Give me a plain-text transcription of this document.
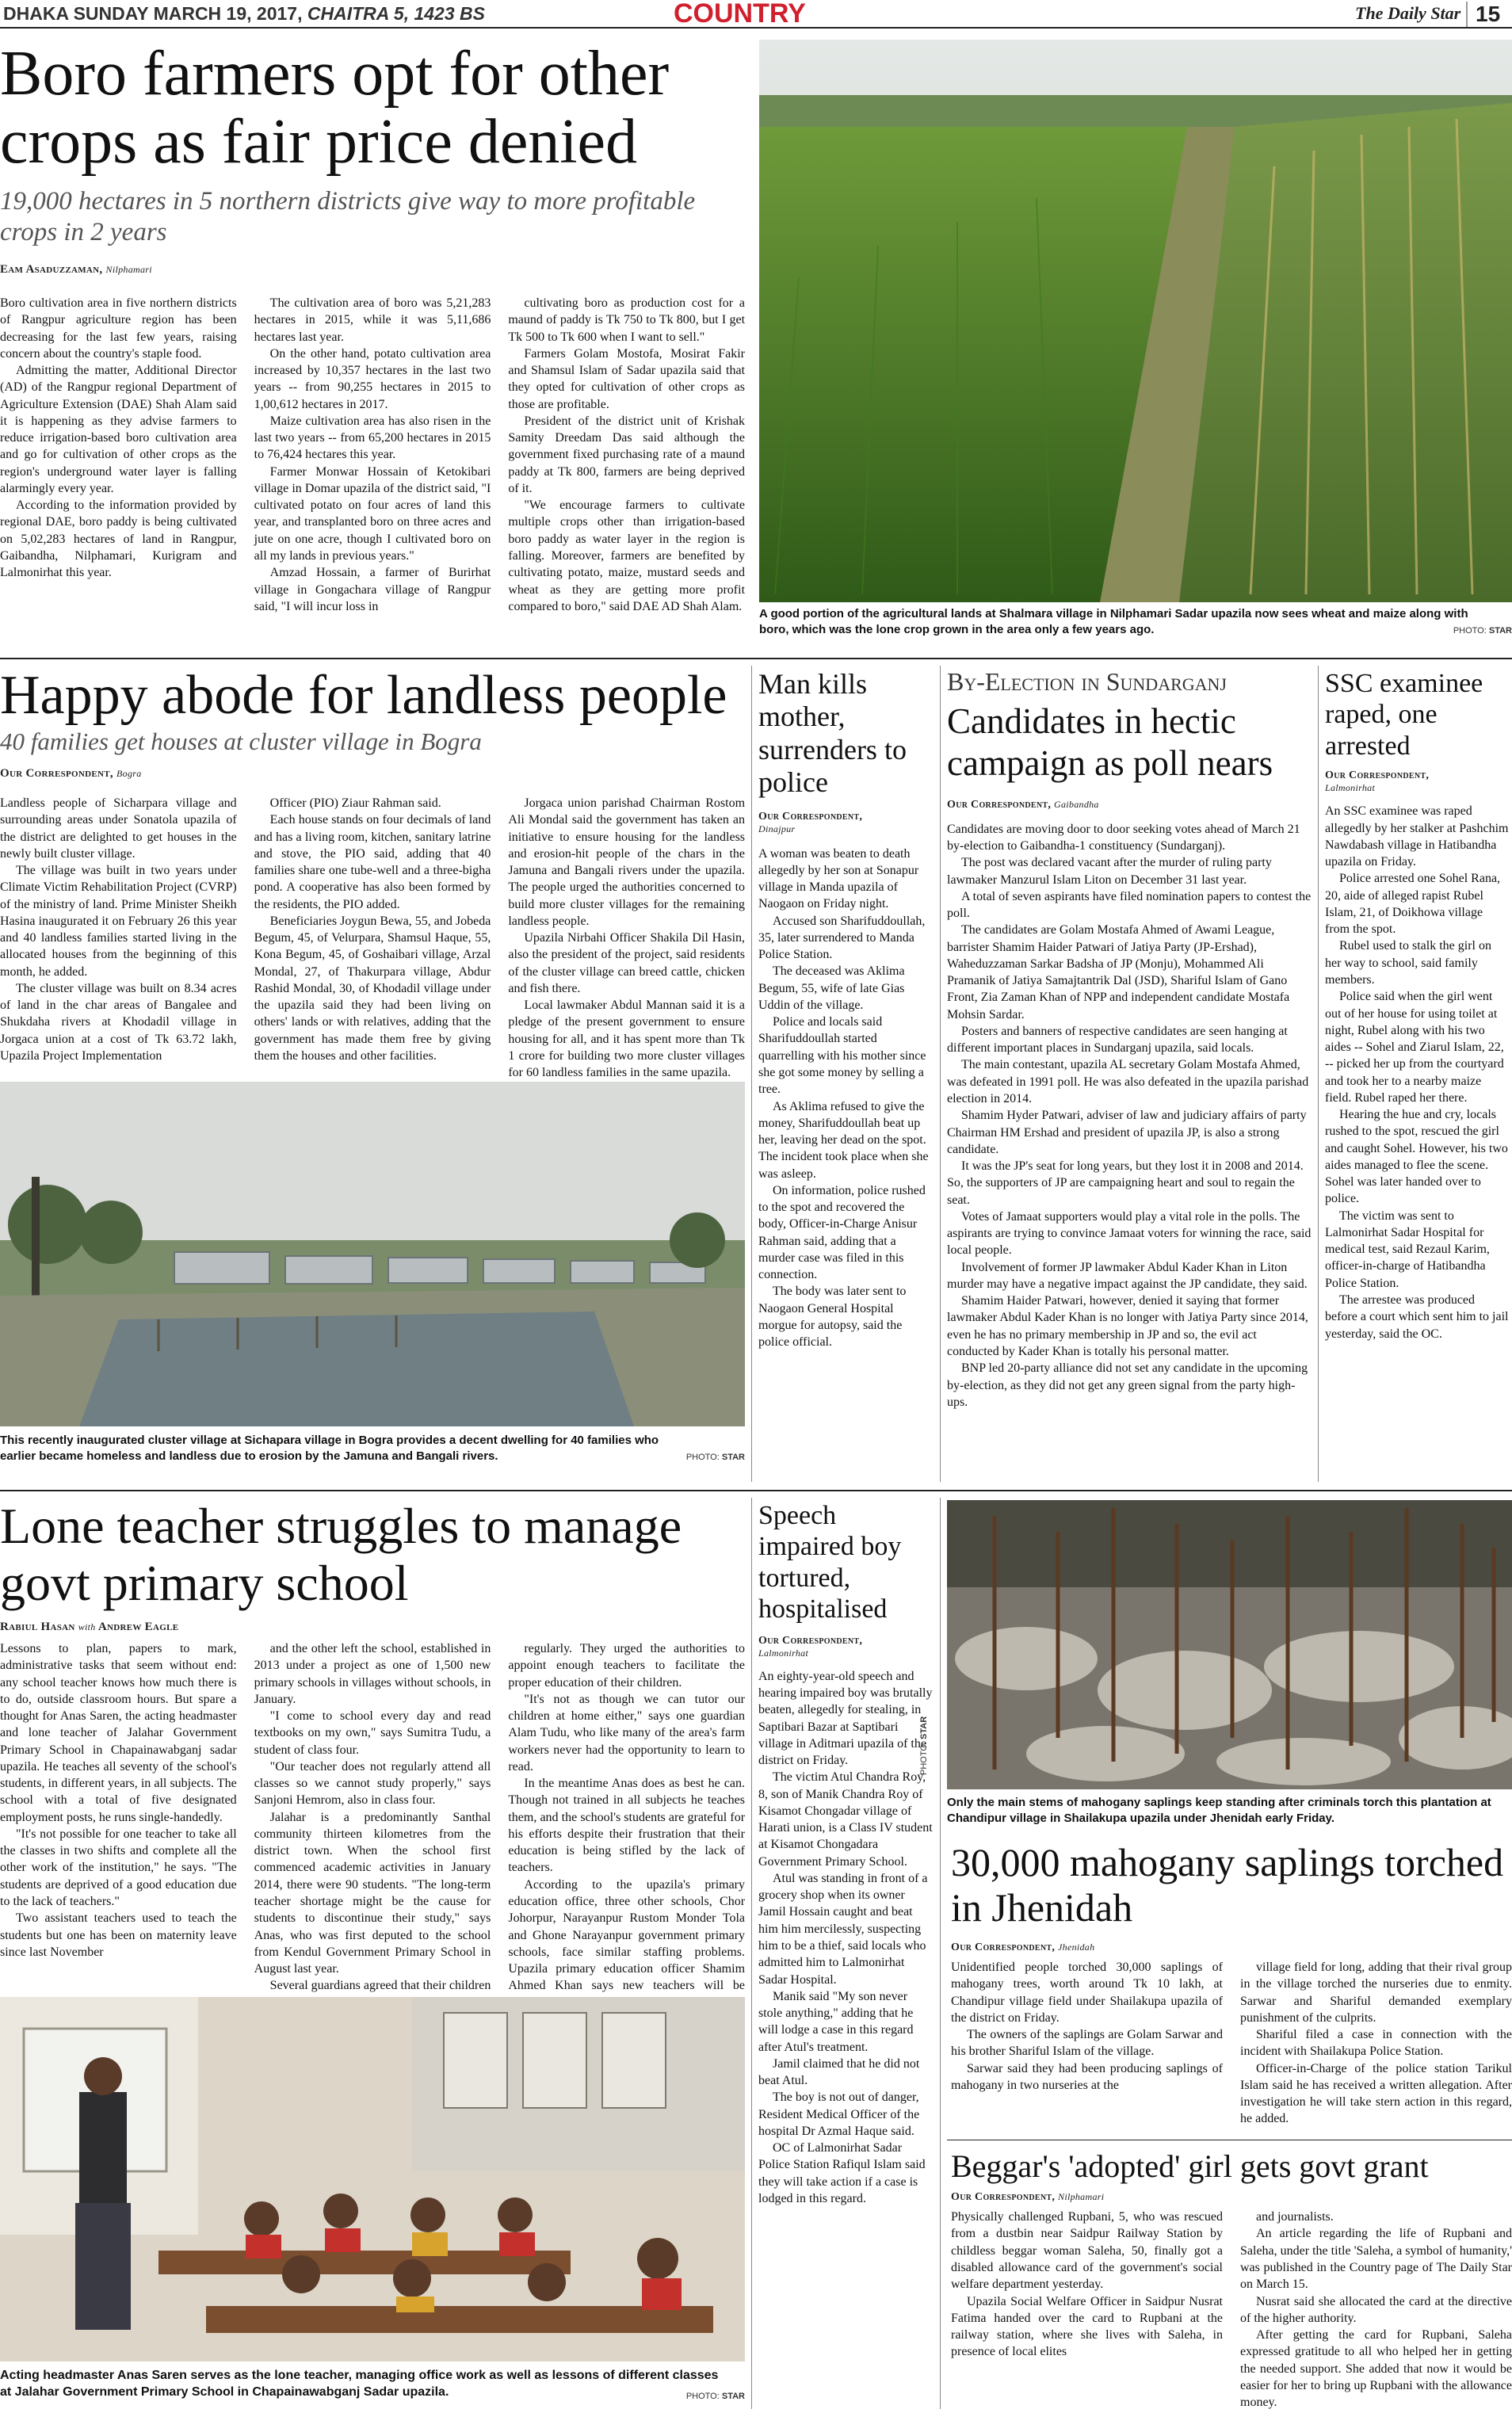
DHAKA SUNDAY MARCH 19, 2017, CHAITRA 5, 1423 BS	COUNTRY	The Daily Star 15
Boro farmers opt for other crops as fair price denied
19,000 hectares in 5 northern districts give way to more profitable crops in 2 years
Eam Asaduzzaman, Nilphamari

Boro cultivation area in five northern districts of Rangpur agriculture region has been decreasing for the last few years, raising concern about the country's staple food.

Admitting the matter, Additional Director (AD) of the Rangpur regional Department of Agriculture Extension (DAE) Shah Alam said it is happening as they advise farmers to reduce irrigation-based boro cultivation area and go for cultivation of other crops as the region's underground water layer is falling alarmingly every year.

According to the information provided by regional DAE, boro paddy is being cultivated on 5,02,283 hectares of land in Rangpur, Gaibandha, Nilphamari, Kurigram and Lalmonirhat this year.

The cultivation area of boro was 5,21,283 hectares in 2015, while it was 5,11,686 hectares last year.

On the other hand, potato cultivation area increased by 10,357 hectares in the last two years -- from 90,255 hectares in 2015 to 1,00,612 hectares in 2017.

Maize cultivation area has also risen in the last two years -- from 65,200 hectares in 2015 to 76,424 hectares this year.

Farmer Monwar Hossain of Ketokibari village in Domar upazila of the district said, "I cultivated potato on four acres of land this year, and transplanted boro on three acres and jute on one acre, though I cultivated boro on all my lands in previous years."

Amzad Hossain, a farmer of Burirhat village in Gongachara village of Rangpur said, "I will incur loss in

cultivating boro as production cost for a maund of paddy is Tk 750 to Tk 800, but I get Tk 500 to Tk 600 when I want to sell."

Farmers Golam Mostofa, Mosirat Fakir and Shamsul Islam of Sadar upazila said that they opted for cultivation of other crops as those are profitable.

President of the district unit of Krishak Samity Dreedam Das said although the government fixed purchasing rate of a maund paddy at Tk 800, farmers are being deprived of it.

"We encourage farmers to cultivate multiple crops other than irrigation-based boro paddy as water layer in the region is falling. Moreover, farmers are benefited by cultivating potato, maize, mustard seeds and wheat as they are getting more profit compared to boro," said DAE AD Shah Alam.

A good portion of the agricultural lands at Shalmara village in Nilphamari Sadar upazila now sees wheat and maize along with boro, which was the lone crop grown in the area only a few years ago.	PHOTO: STAR
Happy abode for landless people
40 families get houses at cluster village in Bogra
Our Correspondent, Bogra

Landless people of Sicharpara village and surrounding areas under Sonatola upazila of the district are delighted to get houses in the newly built cluster village.

The village was built in two years under Climate Victim Rehabilitation Project (CVRP) of the ministry of land. Prime Minister Sheikh Hasina inaugurated it on February 26 this year and 40 landless families started living in the allocated houses from the beginning of this month, he added.

The cluster village was built on 8.34 acres of land in the char areas of Bangalee and Shukdaha rivers at Khodadil village in Jorgaca union at a cost of Tk 63.72 lakh, Upazila Project Implementation

Officer (PIO) Ziaur Rahman said.

Each house stands on four decimals of land and has a living room, kitchen, sanitary latrine and stove, the PIO said, adding that 40 families share one tube-well and a three-bigha pond. A cooperative has also been formed by the residents, the PIO added.

Beneficiaries Joygun Bewa, 55, and Jobeda Begum, 45, of Velurpara, Shamsul Haque, 55, Kona Begum, 45, of Goshaibari village, Arzal Mondal, 27, of Thakurpara village, Abdur Rashid Mondal, 30, of Khodadil village under the upazila said they had been living on others' lands or with relatives, adding that the government has made them free by giving them the houses and other facilities.

Jorgaca union parishad Chairman Rostom Ali Mondal said the government has taken an initiative to ensure housing for the landless and erosion-hit people of the chars in the Jamuna and Bangali rivers under the upazila. The people urged the authorities concerned to build more cluster villages for the remaining landless people.

Upazila Nirbahi Officer Shakila Dil Hasin, also the president of the project, said residents of the cluster village can breed cattle, chicken and fish there.

Local lawmaker Abdul Mannan said it is a pledge of the present government to ensure housing for all, and it has spent more than Tk 1 crore for building two more cluster villages for 60 landless families in the same upazila.

This recently inaugurated cluster village at Sichapara village in Bogra provides a decent dwelling for 40 families who earlier became homeless and landless due to erosion by the Jamuna and Bangali rivers.	PHOTO: STAR
Man kills mother, surrenders to police
Our Correspondent,
Dinajpur

A woman was beaten to death allegedly by her son at Sonapur village in Manda upazila of Naogaon on Friday night.

Accused son Sharifuddoullah, 35, later surrendered to Manda Police Station.

The deceased was Aklima Begum, 55, wife of late Gias Uddin of the village.

Police and locals said Sharifuddoullah started quarrelling with his mother since she got some money by selling a tree.

As Aklima refused to give the money, Sharifuddoullah beat up her, leaving her dead on the spot. The incident took place when she was asleep.

On information, police rushed to the spot and recovered the body, Officer-in-Charge Anisur Rahman said, adding that a murder case was filed in this connection.

The body was later sent to Naogaon General Hospital morgue for autopsy, said the police official.

By-Election in Sundarganj
Candidates in hectic campaign as poll nears
Our Correspondent, Gaibandha

Candidates are moving door to door seeking votes ahead of March 21 by-election to Gaibandha-1 constituency (Sundarganj).

The post was declared vacant after the murder of ruling party lawmaker Manzurul Islam Liton on December 31 last year.

A total of seven aspirants have filed nomination papers to contest the poll.

The candidates are Golam Mostafa Ahmed of Awami League, barrister Shamim Haider Patwari of Jatiya Party (JP-Ershad), Waheduzzaman Sarkar Badsha of JP (Monju), Mohammed Ali Pramanik of Jatiya Samajtantrik Dal (JSD), Shariful Islam of Gano Front, Zia Zaman Khan of NPP and independent candidate Mostafa Mohsin Sardar.

Posters and banners of respective candidates are seen hanging at different important places in Sundarganj upazila, said locals.

The main contestant, upazila AL secretary Golam Mostafa Ahmed, was defeated in 1991 poll. He was also defeated in the upazila parishad election in 2014.

Shamim Hyder Patwari, adviser of law and judiciary affairs of party Chairman HM Ershad and president of upazila JP, is also a strong candidate.

It was the JP's seat for long years, but they lost it in 2008 and 2014. So, the supporters of JP are campaigning heart and soul to regain the seat.

Votes of Jamaat supporters would play a vital role in the polls. The aspirants are trying to convince Jamaat voters for winning the race, said local people.

Involvement of former JP lawmaker Abdul Kader Khan in Liton murder may have a negative impact against the JP candidate, they said.

Shamim Haider Patwari, however, denied it saying that former lawmaker Abdul Kader Khan is no longer with Jatiya Party since 2014, even he has no primary membership in JP and so, the evil act conducted by Kader Khan is totally his personal matter.

BNP led 20-party alliance did not set any candidate in the upcoming by-election, as they did not get any green signal from the party high-ups.

SSC examinee raped, one arrested
Our Correspondent,
Lalmonirhat

An SSC examinee was raped allegedly by her stalker at Pashchim Nawdabash village in Hatibandha upazila on Friday.

Police arrested one Sohel Rana, 20, aide of alleged rapist Rubel Islam, 21, of Doikhowa village from the spot.

Rubel used to stalk the girl on her way to school, said family members.

Police said when the girl went out of her house for using toilet at night, Rubel along with his two aides -- Sohel and Ziarul Islam, 22, -- picked her up from the courtyard and took her to a nearby maize field. Rubel raped her there.

Hearing the hue and cry, locals rushed to the spot, rescued the girl and caught Sohel. However, his two aides managed to flee the scene. Sohel was later handed over to police.

The victim was sent to Lalmonirhat Sadar Hospital for medical test, said Rezaul Karim, officer-in-charge of Hatibandha Police Station.

The arrestee was produced before a court which sent him to jail yesterday, said the OC.

Lone teacher struggles to manage govt primary school
Rabiul Hasan with Andrew Eagle

Lessons to plan, papers to mark, administrative tasks that seem without end: any school teacher knows how much there is to do, outside classroom hours. But spare a thought for Anas Saren, the acting headmaster and lone teacher of Jalahar Government Primary School in Chapainawabganj sadar upazila. He teaches all seventy of the school's students, in different years, in all subjects. The school with a total of five designated employment posts, he runs single-handedly.

"It's not possible for one teacher to take all the classes in two shifts and complete all the other work of the institution," he says. "The students are deprived of a good education due to the lack of teachers."

Two assistant teachers used to teach the students but one has been on maternity leave since last November

and the other left the school, established in 2013 under a project as one of 1,500 new primary schools in villages without schools, in January.

"I come to school every day and read textbooks on my own," says Sumitra Tudu, a student of class four.

"Our teacher does not regularly attend all classes so we cannot study properly," says Sanjoni Hemrom, also in class four.

Jalahar is a predominantly Santhal community thirteen kilometres from the district town. When the school first commenced academic activities in January 2014, there were 90 students. "The long-term teacher shortage might be the cause for students to discontinue their study," says Anas, who was first deputed to the school from Kendul Government Primary School in August last year.

Several guardians agreed that their children

regularly. They urged the authorities to appoint enough teachers to facilitate the proper education of their children.

"It's not as though we can tutor our children at home either," says one guardian Alam Tudu, who like many of the area's farm workers never had the opportunity to learn to read.

In the meantime Anas does as best he can. Though not trained in all subjects he teaches them, and the school's students are grateful for his efforts despite their frustration that their education is being stifled by the lack of teachers.

According to the upazila's primary education office, three other schools, Chor Johorpur, Narayanpur Rustom Monder Tola and Ghone Narayanpur government primary schools, face similar staffing problems. Upazila primary education officer Shamim Ahmed Khan says new teachers will be

Acting headmaster Anas Saren serves as the lone teacher, managing office work as well as lessons of different classes at Jalahar Government Primary School in Chapainawabganj Sadar upazila.	PHOTO: STAR
Speech impaired boy tortured, hospitalised
Our Correspondent,
Lalmonirhat

An eighty-year-old speech and hearing impaired boy was brutally beaten, allegedly for stealing, in Saptibari Bazar at Saptibari village in Aditmari upazila of the district on Friday.

The victim Atul Chandra Roy, 8, son of Manik Chandra Roy of Kisamot Chongadar village of Harati union, is a Class IV student at Kisamot Chongadara Government Primary School.

Atul was standing in front of a grocery shop when its owner Jamil Hossain caught and beat him him mercilessly, suspecting him to be a thief, said locals who admitted him to Lalmonirhat Sadar Hospital.

Manik said "My son never stole anything," adding that he will lodge a case in this regard after Atul's treatment.

Jamil claimed that he did not beat Atul.

The boy is not out of danger, Resident Medical Officer of the hospital Dr Azmal Haque said.

OC of Lalmonirhat Sadar Police Station Rafiqul Islam said they will take action if a case is lodged in this regard.

Only the main stems of mahogany saplings keep standing after criminals torch this plantation at Chandipur village in Shailakupa upazila under Jhenidah early Friday.
PHOTO: STAR
30,000 mahogany saplings torched in Jhenidah
Our Correspondent, Jhenidah

Unidentified people torched 30,000 saplings of mahogany trees, worth around Tk 10 lakh, at Chandipur village field under Shailakupa upazila of the district on Friday.

The owners of the saplings are Golam Sarwar and his brother Shariful Islam of the village.

Sarwar said they had been producing saplings of mahogany in two nurseries at the

village field for long, adding that their rival group in the village torched the nurseries due to enmity. Sarwar and Shariful demanded exemplary punishment of the culprits.

Shariful filed a case in connection with the incident with Shailakupa Police Station.

Officer-in-Charge of the police station Tarikul Islam said he has received a written allegation. After investigation he will take stern action in this regard, he added.

Beggar's 'adopted' girl gets govt grant
Our Correspondent, Nilphamari

Physically challenged Rupbani, 5, who was rescued from a dustbin near Saidpur Railway Station by childless beggar woman Saleha, 50, finally got a disabled allowance card of the government's social welfare department yesterday.

Upazila Social Welfare Officer in Saidpur Nusrat Fatima handed over the card to Rupbani at the railway station, where she lives with Saleha, in presence of local elites

and journalists.

An article regarding the life of Rupbani and Saleha, under the title 'Saleha, a symbol of humanity,' was published in the Country page of The Daily Star on March 15.

Nusrat said she allocated the card at the directive of the higher authority.

After getting the card for Rupbani, Saleha expressed gratitude to all who helped her in getting the needed support. She added that now it would be easier for her to bring up Rupbani with the allowance money.
